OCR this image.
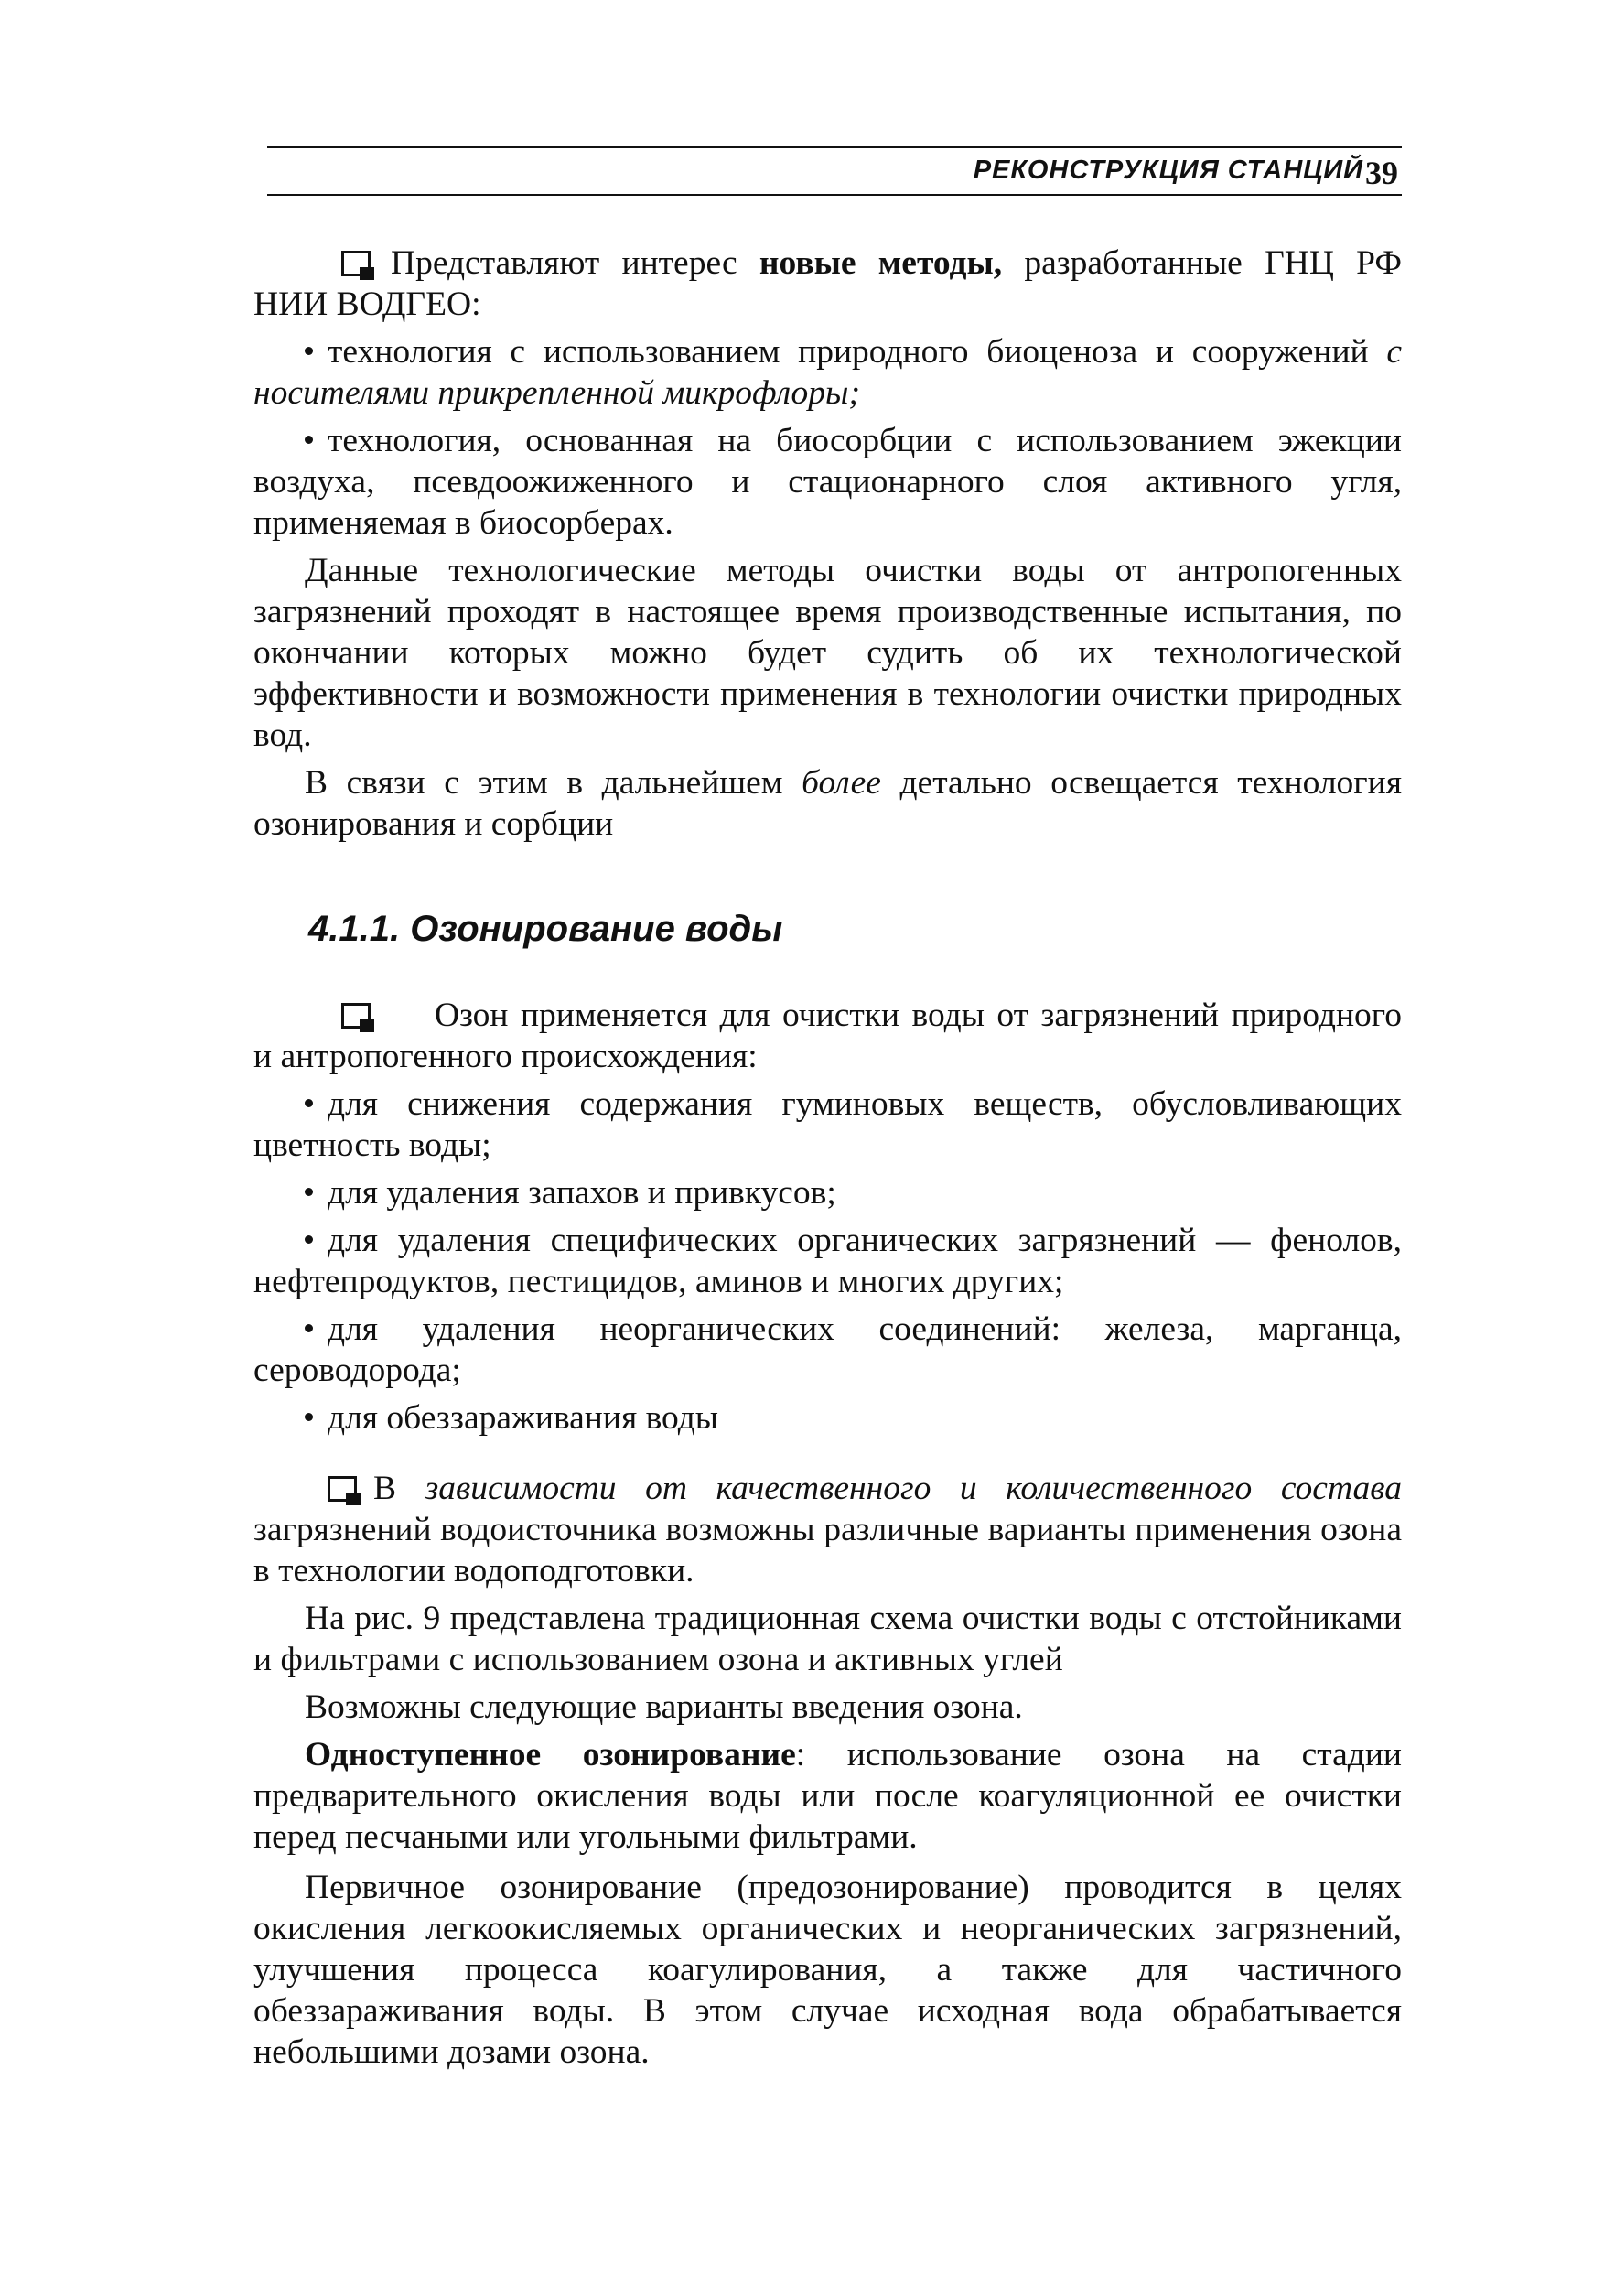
РЕКОНСТРУКЦИЯ СТАНЦИЙ 39

Представляют интерес новые методы, разработанные ГНЦ РФ НИИ ВОДГЕО:

технология с использованием природного биоценоза и сооружений с носителями прикрепленной микрофлоры;

технология, основанная на биосорбции с использованием эжекции воздуха, псевдоожиженного и стационарного слоя активного угля, применяемая в биосорберах.

Данные технологические методы очистки воды от антропогенных загрязнений проходят в настоящее время производственные испытания, по окончании которых можно будет судить об их технологической эффективности и возможности применения в технологии очистки природных вод.

В связи с этим в дальнейшем более детально освещается технология озонирования и сорбции

4.1.1. Озонирование воды

Озон применяется для очистки воды от загрязнений природного и антропогенного происхождения:

для снижения содержания гуминовых веществ, обусловливающих цветность воды;

для удаления запахов и привкусов;

для удаления специфических органических загрязнений — фенолов, нефтепродуктов, пестицидов, аминов и многих других;

для удаления неорганических соединений: железа, марганца, сероводорода;

для обеззараживания воды

В зависимости от качественного и количественного состава загрязнений водоисточника возможны различные варианты применения озона в технологии водоподготовки.

На рис. 9 представлена традиционная схема очистки воды с отстойниками и фильтрами с использованием озона и активных углей

Возможны следующие варианты введения озона.

Одноступенное озонирование: использование озона на стадии предварительного окисления воды или после коагуляционной ее очистки перед песчаными или угольными фильтрами.

Первичное озонирование (предозонирование) проводится в целях окисления легкоокисляемых органических и неорганических загрязнений, улучшения процесса коагулирования, а также для частичного обеззараживания воды. В этом случае исходная вода обрабатывается небольшими дозами озона.
